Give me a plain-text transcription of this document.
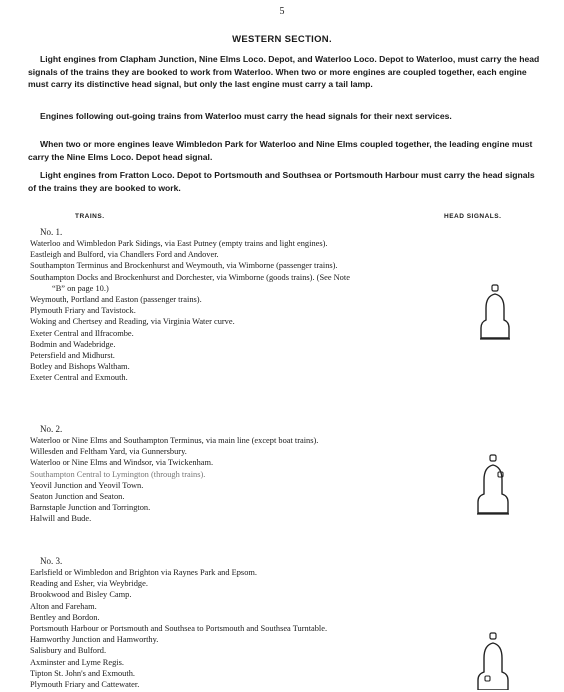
5
WESTERN SECTION.
Light engines from Clapham Junction, Nine Elms Loco. Depot, and Waterloo Loco. Depot to Waterloo, must carry the head signals of the trains they are booked to work from Waterloo. When two or more engines are coupled together, each engine must carry its distinctive head signal, but only the last engine must carry a tail lamp.
Engines following out-going trains from Waterloo must carry the head signals for their next services.
When two or more engines leave Wimbledon Park for Waterloo and Nine Elms coupled together, the leading engine must carry the Nine Elms Loco. Depot head signal.
Light engines from Fratton Loco. Depot to Portsmouth and Southsea or Portsmouth Harbour must carry the head signals of the trains they are booked to work.
TRAINS.	HEAD SIGNALS.
No. 1.
Waterloo and Wimbledon Park Sidings, via East Putney (empty trains and light engines).
Eastleigh and Bulford, via Chandlers Ford and Andover.
Southampton Terminus and Brockenhurst and Weymouth, via Wimborne (passenger trains).
Southampton Docks and Brockenhurst and Dorchester, via Wimborne (goods trains). (See Note
“B” on page 10.)
Weymouth, Portland and Easton (passenger trains).
Plymouth Friary and Tavistock.
Woking and Chertsey and Reading, via Virginia Water curve.
Exeter Central and Ilfracombe.
Bodmin and Wadebridge.
Petersfield and Midhurst.
Botley and Bishops Waltham.
Exeter Central and Exmouth.
No. 2.
Waterloo or Nine Elms and Southampton Terminus, via main line (except boat trains).
Willesden and Feltham Yard, via Gunnersbury.
Waterloo or Nine Elms and Windsor, via Twickenham.
Southampton Central to Lymington (through trains).
Yeovil Junction and Yeovil Town.
Seaton Junction and Seaton.
Barnstaple Junction and Torrington.
Halwill and Bude.
No. 3.
Earlsfield or Wimbledon and Brighton via Raynes Park and Epsom.
Reading and Esher, via Weybridge.
Brookwood and Bisley Camp.
Alton and Fareham.
Bentley and Bordon.
Portsmouth Harbour or Portsmouth and Southsea to Portsmouth and Southsea Turntable.
Hamworthy Junction and Hamworthy.
Salisbury and Bulford.
Axminster and Lyme Regis.
Tipton St. John's and Exmouth.
Plymouth Friary and Cattewater.
